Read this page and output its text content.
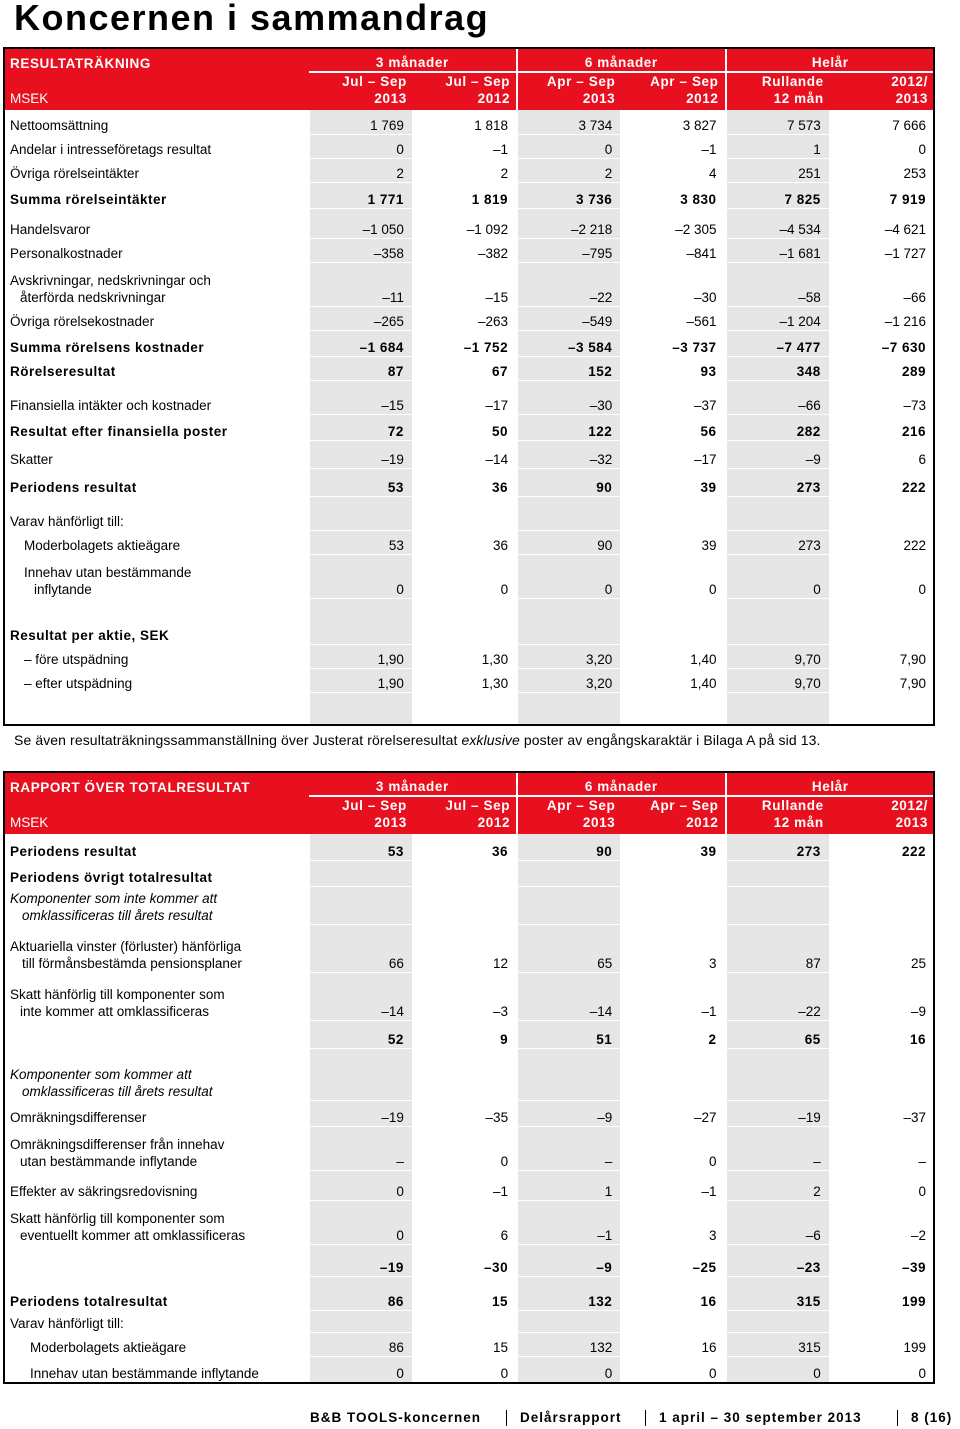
Koncernen i sammandrag
RESULTATRÄKNING	3 månader		6 månader		Helår	
	Jul – Sep	Jul – Sep	Apr – Sep	Apr – Sep	Rullande	2012/
MSEK	2013	2012	2013	2012	12 mån	2013

Nettoomsättning	1 769	1 818	3 734	3 827	7 573	7 666

Andelar i intresseföretags resultat	0	–1	0	–1	1	0

Övriga rörelseintäkter	2	2	2	4	251	253

Summa rörelseintäkter	1 771	1 819	3 736	3 830	7 825	7 919

Handelsvaror	–1 050	–1 092	–2 218	–2 305	–4 534	–4 621

Personalkostnader	–358	–382	–795	–841	–1 681	–1 727

Avskrivningar, nedskrivningar och
återförda nedskrivningar	–11	–15	–22	–30	–58	–66

Övriga rörelsekostnader	–265	–263	–549	–561	–1 204	–1 216

Summa rörelsens kostnader	–1 684	–1 752	–3 584	–3 737	–7 477	–7 630

Rörelseresultat	87	67	152	93	348	289

Finansiella intäkter och kostnader	–15	–17	–30	–37	–66	–73

Resultat efter finansiella poster	72	50	122	56	282	216

Skatter	–19	–14	–32	–17	–9	6

Periodens resultat	53	36	90	39	273	222

Varav hänförligt till:						

Moderbolagets aktieägare	53	36	90	39	273	222

Innehav utan bestämmande
inflytande	0	0	0	0	0	0

Resultat per aktie, SEK						

– före utspädning	1,90	1,30	3,20	1,40	9,70	7,90

– efter utspädning	1,90	1,30	3,20	1,40	9,70	7,90

Se även resultaträkningssammanställning över Justerat rörelseresultat exklusive poster av engångskaraktär i Bilaga A på sid 13.
RAPPORT ÖVER TOTALRESULTAT	3 månader		6 månader		Helår	
	Jul – Sep	Jul – Sep	Apr – Sep	Apr – Sep	Rullande	2012/
MSEK	2013	2012	2013	2012	12 mån	2013

Periodens resultat	53	36	90	39	273	222

Periodens övrigt totalresultat						

Komponenter som inte kommer att
omklassificeras till årets resultat						

Aktuariella vinster (förluster) hänförliga
till förmånsbestämda pensionsplaner	66	12	65	3	87	25

Skatt hänförlig till komponenter som
inte kommer att omklassificeras	–14	–3	–14	–1	–22	–9

	52	9	51	2	65	16

Komponenter som kommer att
omklassificeras till årets resultat						

Omräkningsdifferenser	–19	–35	–9	–27	–19	–37

Omräkningsdifferenser från innehav
utan bestämmande inflytande	–	0	–	0	–	–

Effekter av säkringsredovisning	0	–1	1	–1	2	0

Skatt hänförlig till komponenter som
eventuellt kommer att omklassificeras	0	6	–1	3	–6	–2

	–19	–30	–9	–25	–23	–39

Periodens totalresultat	86	15	132	16	315	199

Varav hänförligt till:						

Moderbolagets aktieägare	86	15	132	16	315	199

Innehav utan bestämmande inflytande	0	0	0	0	0	0
B&B TOOLS-koncernen	Delårsrapport	1 april – 30 september 2013	8 (16)
